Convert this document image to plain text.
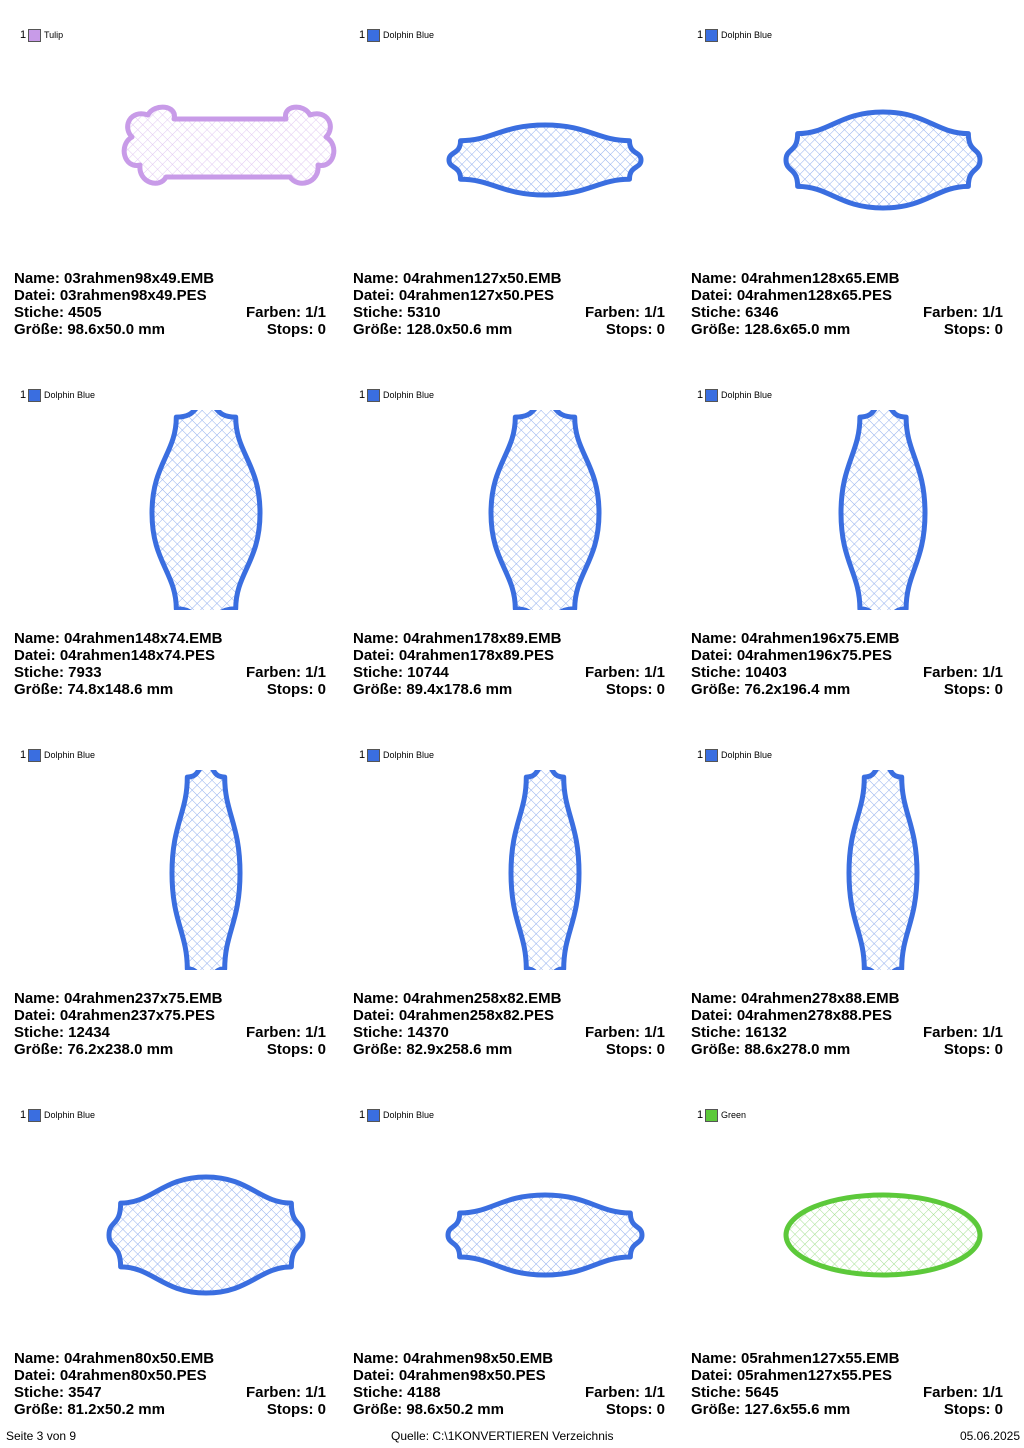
1 Tulip
Name: 03rahmen98x49.EMB
Datei: 03rahmen98x49.PES
Stiche: 4505	Farben: 1/1
Größe: 98.6x50.0 mm	Stops: 0
1 Dolphin Blue
Name: 04rahmen127x50.EMB
Datei: 04rahmen127x50.PES
Stiche: 5310	Farben: 1/1
Größe: 128.0x50.6 mm	Stops: 0
1 Dolphin Blue
Name: 04rahmen128x65.EMB
Datei: 04rahmen128x65.PES
Stiche: 6346	Farben: 1/1
Größe: 128.6x65.0 mm	Stops: 0
1 Dolphin Blue
Name: 04rahmen148x74.EMB
Datei: 04rahmen148x74.PES
Stiche: 7933	Farben: 1/1
Größe: 74.8x148.6 mm	Stops: 0
1 Dolphin Blue
Name: 04rahmen178x89.EMB
Datei: 04rahmen178x89.PES
Stiche: 10744	Farben: 1/1
Größe: 89.4x178.6 mm	Stops: 0
1 Dolphin Blue
Name: 04rahmen196x75.EMB
Datei: 04rahmen196x75.PES
Stiche: 10403	Farben: 1/1
Größe: 76.2x196.4 mm	Stops: 0
1 Dolphin Blue
Name: 04rahmen237x75.EMB
Datei: 04rahmen237x75.PES
Stiche: 12434	Farben: 1/1
Größe: 76.2x238.0 mm	Stops: 0
1 Dolphin Blue
Name: 04rahmen258x82.EMB
Datei: 04rahmen258x82.PES
Stiche: 14370	Farben: 1/1
Größe: 82.9x258.6 mm	Stops: 0
1 Dolphin Blue
Name: 04rahmen278x88.EMB
Datei: 04rahmen278x88.PES
Stiche: 16132	Farben: 1/1
Größe: 88.6x278.0 mm	Stops: 0
1 Dolphin Blue
Name: 04rahmen80x50.EMB
Datei: 04rahmen80x50.PES
Stiche: 3547	Farben: 1/1
Größe: 81.2x50.2 mm	Stops: 0
1 Dolphin Blue
Name: 04rahmen98x50.EMB
Datei: 04rahmen98x50.PES
Stiche: 4188	Farben: 1/1
Größe: 98.6x50.2 mm	Stops: 0
1 Green
Name: 05rahmen127x55.EMB
Datei: 05rahmen127x55.PES
Stiche: 5645	Farben: 1/1
Größe: 127.6x55.6 mm	Stops: 0
Seite 3 von 9	Quelle: C:\1KONVERTIEREN Verzeichnis	05.06.2025
